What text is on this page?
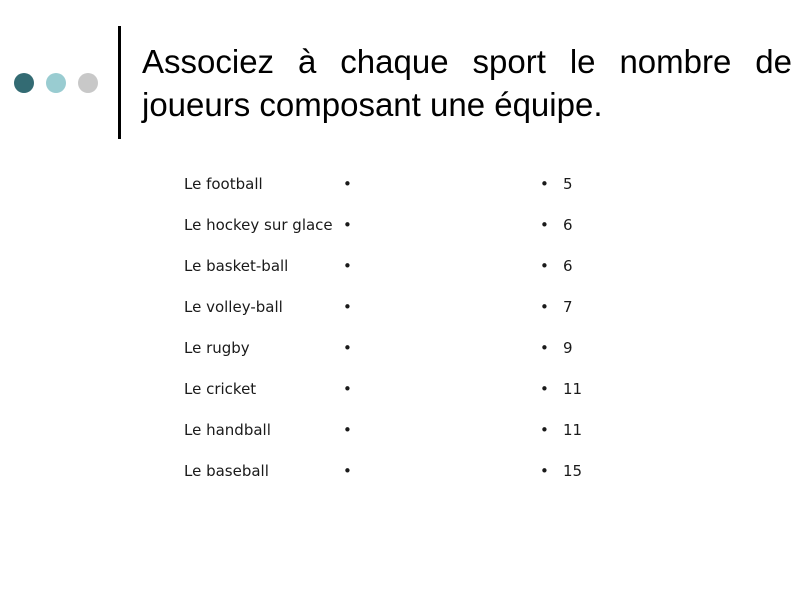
Associez à chaque sport le nombre de joueurs composant une équipe.
Le football	•	• 5
Le hockey sur glace •	• 6
Le basket-ball	•	• 6
Le volley-ball	•	• 7
Le rugby	•	• 9
Le cricket	•	• 11
Le handball	•	• 11
Le baseball	•	• 15
